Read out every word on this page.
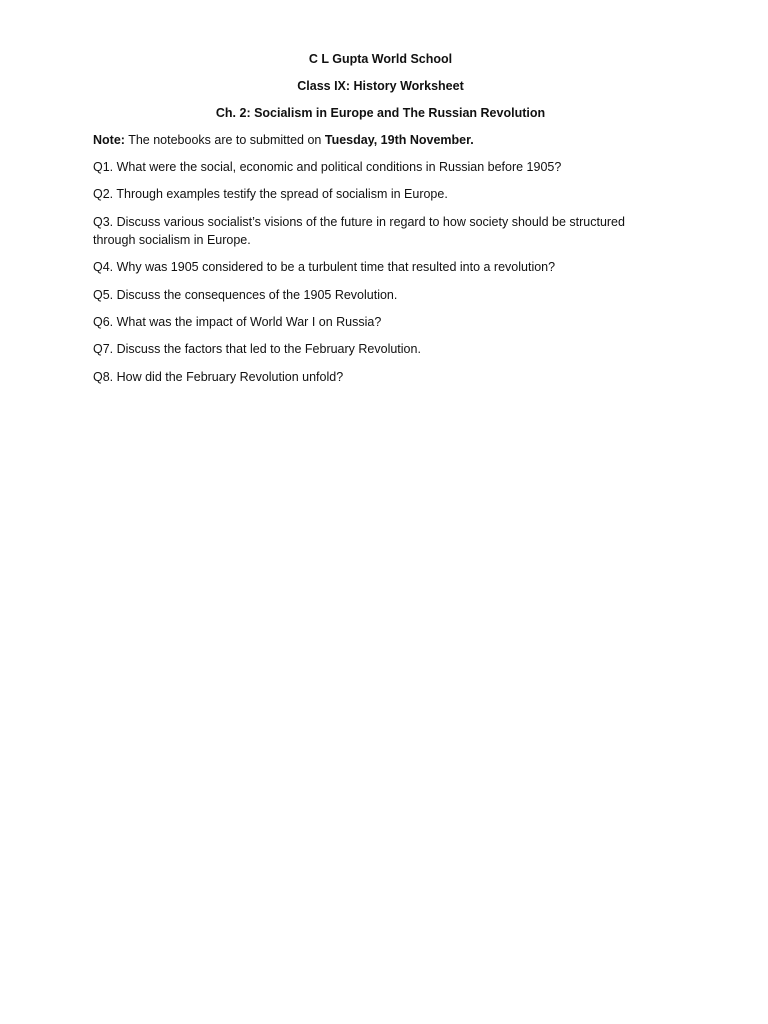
C L Gupta World School
Class IX: History Worksheet
Ch. 2: Socialism in Europe and The Russian Revolution

Note: The notebooks are to submitted on Tuesday, 19th November.

Q1. What were the social, economic and political conditions in Russian before 1905?
Q2. Through examples testify the spread of socialism in Europe.
Q3. Discuss various socialist’s visions of the future in regard to how society should be structured through socialism in Europe.
Q4. Why was 1905 considered to be a turbulent time that resulted into a revolution?
Q5. Discuss the consequences of the 1905 Revolution.
Q6. What was the impact of World War I on Russia?
Q7. Discuss the factors that led to the February Revolution.
Q8. How did the February Revolution unfold?
